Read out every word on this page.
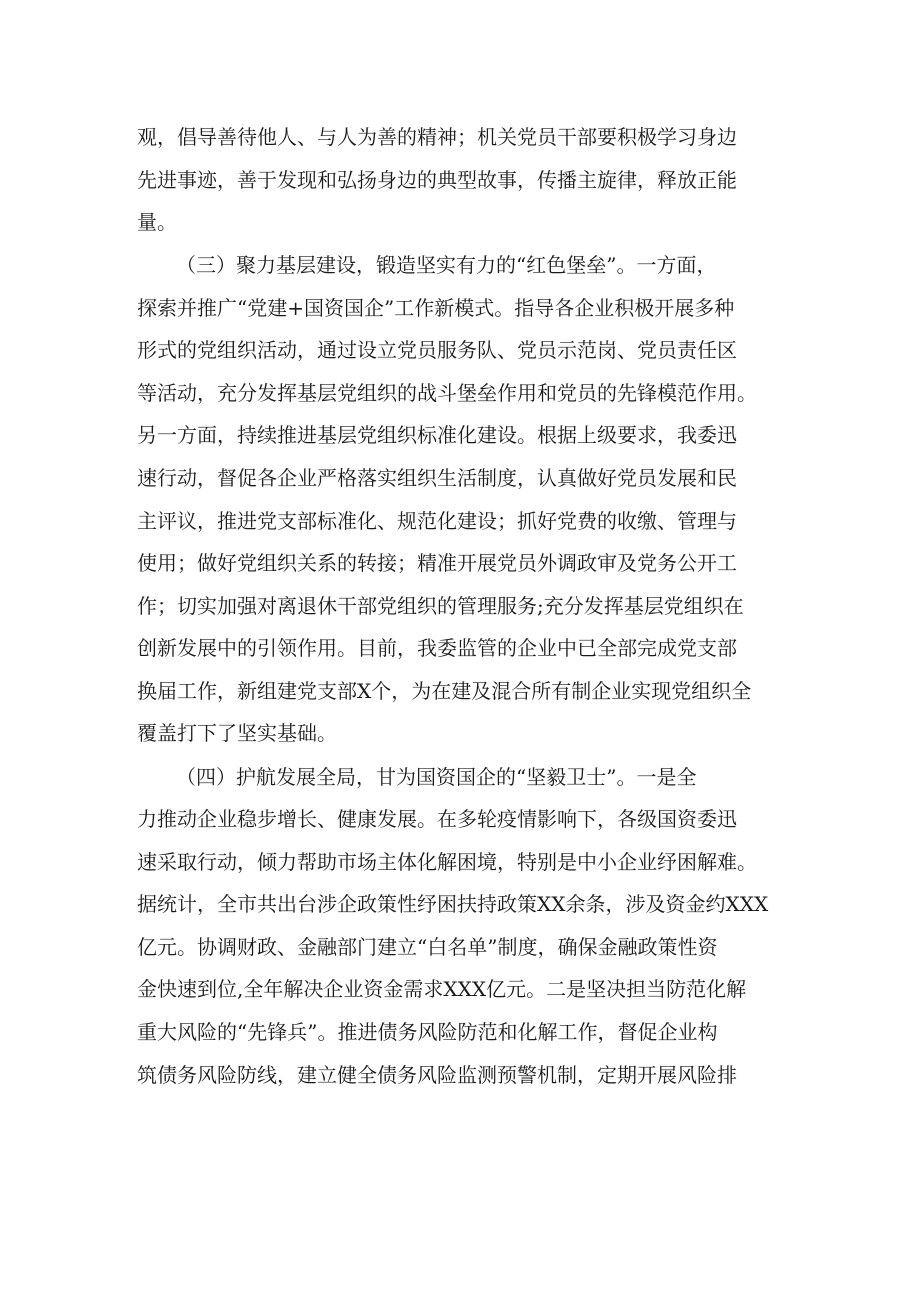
观，倡导善待他人、与人为善的精神；机关党员干部要积极学习身边
先进事迹，善于发现和弘扬身边的典型故事，传播主旋律，释放正能
量。
（三）聚力基层建设，锻造坚实有力的“红色堡垒”。一方面，
探索并推广“党建+国资国企”工作新模式。指导各企业积极开展多种
形式的党组织活动，通过设立党员服务队、党员示范岗、党员责任区
等活动，充分发挥基层党组织的战斗堡垒作用和党员的先锋模范作用。
另一方面，持续推进基层党组织标准化建设。根据上级要求，我委迅
速行动，督促各企业严格落实组织生活制度，认真做好党员发展和民
主评议，推进党支部标准化、规范化建设；抓好党费的收缴、管理与
使用；做好党组织关系的转接；精准开展党员外调政审及党务公开工
作；切实加强对离退休干部党组织的管理服务;充分发挥基层党组织在
创新发展中的引领作用。目前，我委监管的企业中已全部完成党支部
换届工作，新组建党支部X个，为在建及混合所有制企业实现党组织全
覆盖打下了坚实基础。
（四）护航发展全局，甘为国资国企的“坚毅卫士”。一是全
力推动企业稳步增长、健康发展。在多轮疫情影响下，各级国资委迅
速采取行动，倾力帮助市场主体化解困境，特别是中小企业纾困解难。
据统计，全市共出台涉企政策性纾困扶持政策XX余条，涉及资金约XXX
亿元。协调财政、金融部门建立“白名单”制度，确保金融政策性资
金快速到位,全年解决企业资金需求XXX亿元。二是坚决担当防范化解
重大风险的“先锋兵”。推进债务风险防范和化解工作，督促企业构
筑债务风险防线，建立健全债务风险监测预警机制，定期开展风险排
